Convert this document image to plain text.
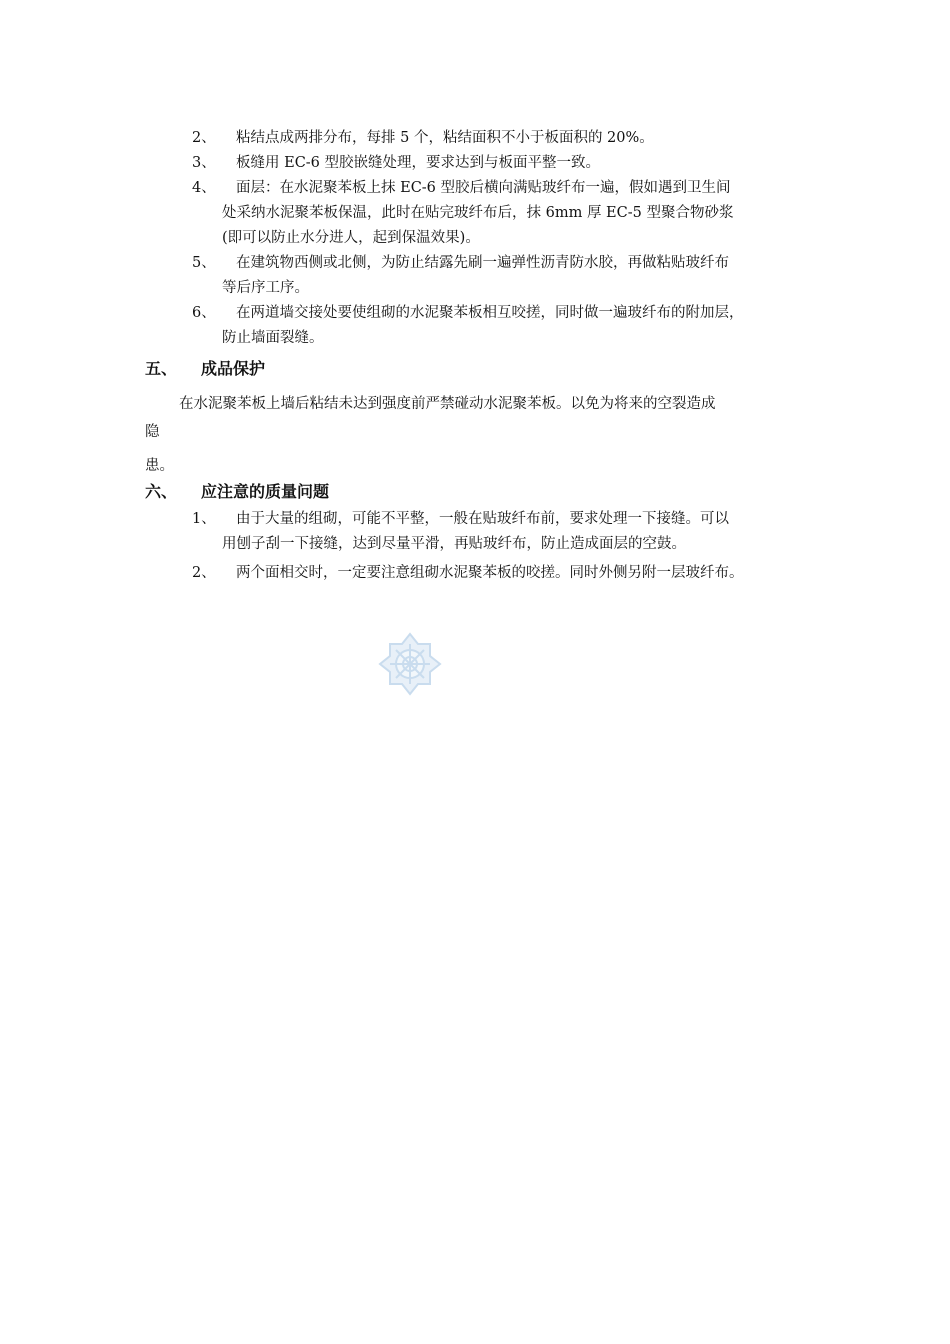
2、	粘结点成两排分布，每排 5 个，粘结面积不小于板面积的 20%。
3、	板缝用 EC-6 型胶嵌缝处理，要求达到与板面平整一致。
4、	面层：在水泥聚苯板上抹 EC-6 型胶后横向满贴玻纤布一遍，假如遇到卫生间
处采纳水泥聚苯板保温，此时在贴完玻纤布后，抹 6mm 厚 EC-5 型聚合物砂浆
(即可以防止水分进人，起到保温效果)。
5、	在建筑物西侧或北侧，为防止结露先刷一遍弹性沥青防水胶，再做粘贴玻纤布
等后序工序。
6、	在两道墙交接处要使组砌的水泥聚苯板相互咬搓，同时做一遍玻纤布的附加层，
防止墙面裂缝。
五、 成品保护
在水泥聚苯板上墙后粘结未达到强度前严禁碰动水泥聚苯板。以免为将来的空裂造成
隐
患。
六、 应注意的质量问题
1、	由于大量的组砌，可能不平整，一般在贴玻纤布前，要求处理一下接缝。可以
用刨子刮一下接缝，达到尽量平滑，再贴玻纤布，防止造成面层的空鼓。
2、	两个面相交时，一定要注意组砌水泥聚苯板的咬搓。同时外侧另附一层玻纤布。
